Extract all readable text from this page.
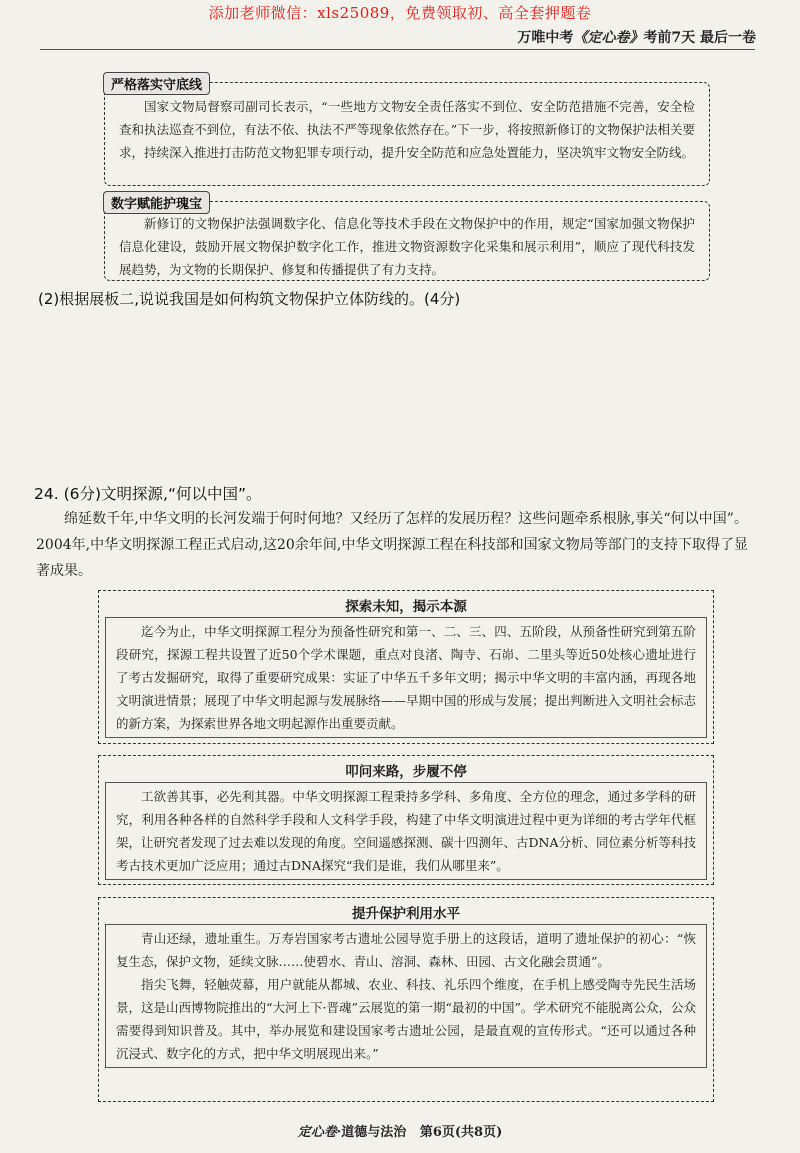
添加老师微信：xls25089，免费领取初、高全套押题卷
万唯中考《定心卷》考前7天 最后一卷
严格落实守底线

国家文物局督察司副司长表示，“一些地方文物安全责任落实不到位、安全防范措施不完善，安全检查和执法巡查不到位，有法不依、执法不严等现象依然存在。”下一步，将按照新修订的文物保护法相关要求，持续深入推进打击防范文物犯罪专项行动，提升安全防范和应急处置能力，坚决筑牢文物安全防线。

数字赋能护瑰宝

新修订的文物保护法强调数字化、信息化等技术手段在文物保护中的作用，规定“国家加强文物保护信息化建设，鼓励开展文物保护数字化工作，推进文物资源数字化采集和展示利用”，顺应了现代科技发展趋势，为文物的长期保护、修复和传播提供了有力支持。

(2)根据展板二,说说我国是如何构筑文物保护立体防线的。(4分)
24. (6分)文明探源,“何以中国”。

绵延数千年,中华文明的长河发端于何时何地？又经历了怎样的发展历程？这些问题牵系根脉,事关“何以中国”。2004年,中华文明探源工程正式启动,这20余年间,中华文明探源工程在科技部和国家文物局等部门的支持下取得了显著成果。

探索未知，揭示本源

迄今为止，中华文明探源工程分为预备性研究和第一、二、三、四、五阶段，从预备性研究到第五阶段研究，探源工程共设置了近50个学术课题，重点对良渚、陶寺、石峁、二里头等近50处核心遗址进行了考古发掘研究，取得了重要研究成果：实证了中华五千多年文明；揭示中华文明的丰富内涵，再现各地文明演进情景；展现了中华文明起源与发展脉络——早期中国的形成与发展；提出判断进入文明社会标志的新方案，为探索世界各地文明起源作出重要贡献。

叩问来路，步履不停

工欲善其事，必先利其器。中华文明探源工程秉持多学科、多角度、全方位的理念，通过多学科的研究，利用各种各样的自然科学手段和人文科学手段，构建了中华文明演进过程中更为详细的考古学年代框架，让研究者发现了过去难以发现的角度。空间遥感探测、碳十四测年、古DNA分析、同位素分析等科技考古技术更加广泛应用；通过古DNA探究“我们是谁，我们从哪里来”。

提升保护利用水平

青山还绿，遗址重生。万寿岩国家考古遗址公园导览手册上的这段话，道明了遗址保护的初心：“恢复生态，保护文物，延续文脉……使碧水、青山、溶洞、森林、田园、古文化融会贯通”。

指尖飞舞，轻触荧幕，用户就能从都城、农业、科技、礼乐四个维度，在手机上感受陶寺先民生活场景，这是山西博物院推出的“大河上下·晋魂”云展览的第一期“最初的中国”。学术研究不能脱离公众，公众需要得到知识普及。其中，举办展览和建设国家考古遗址公园，是最直观的宣传形式。“还可以通过各种沉浸式、数字化的方式，把中华文明展现出来。”

定心卷·道德与法治 第6页(共8页)
